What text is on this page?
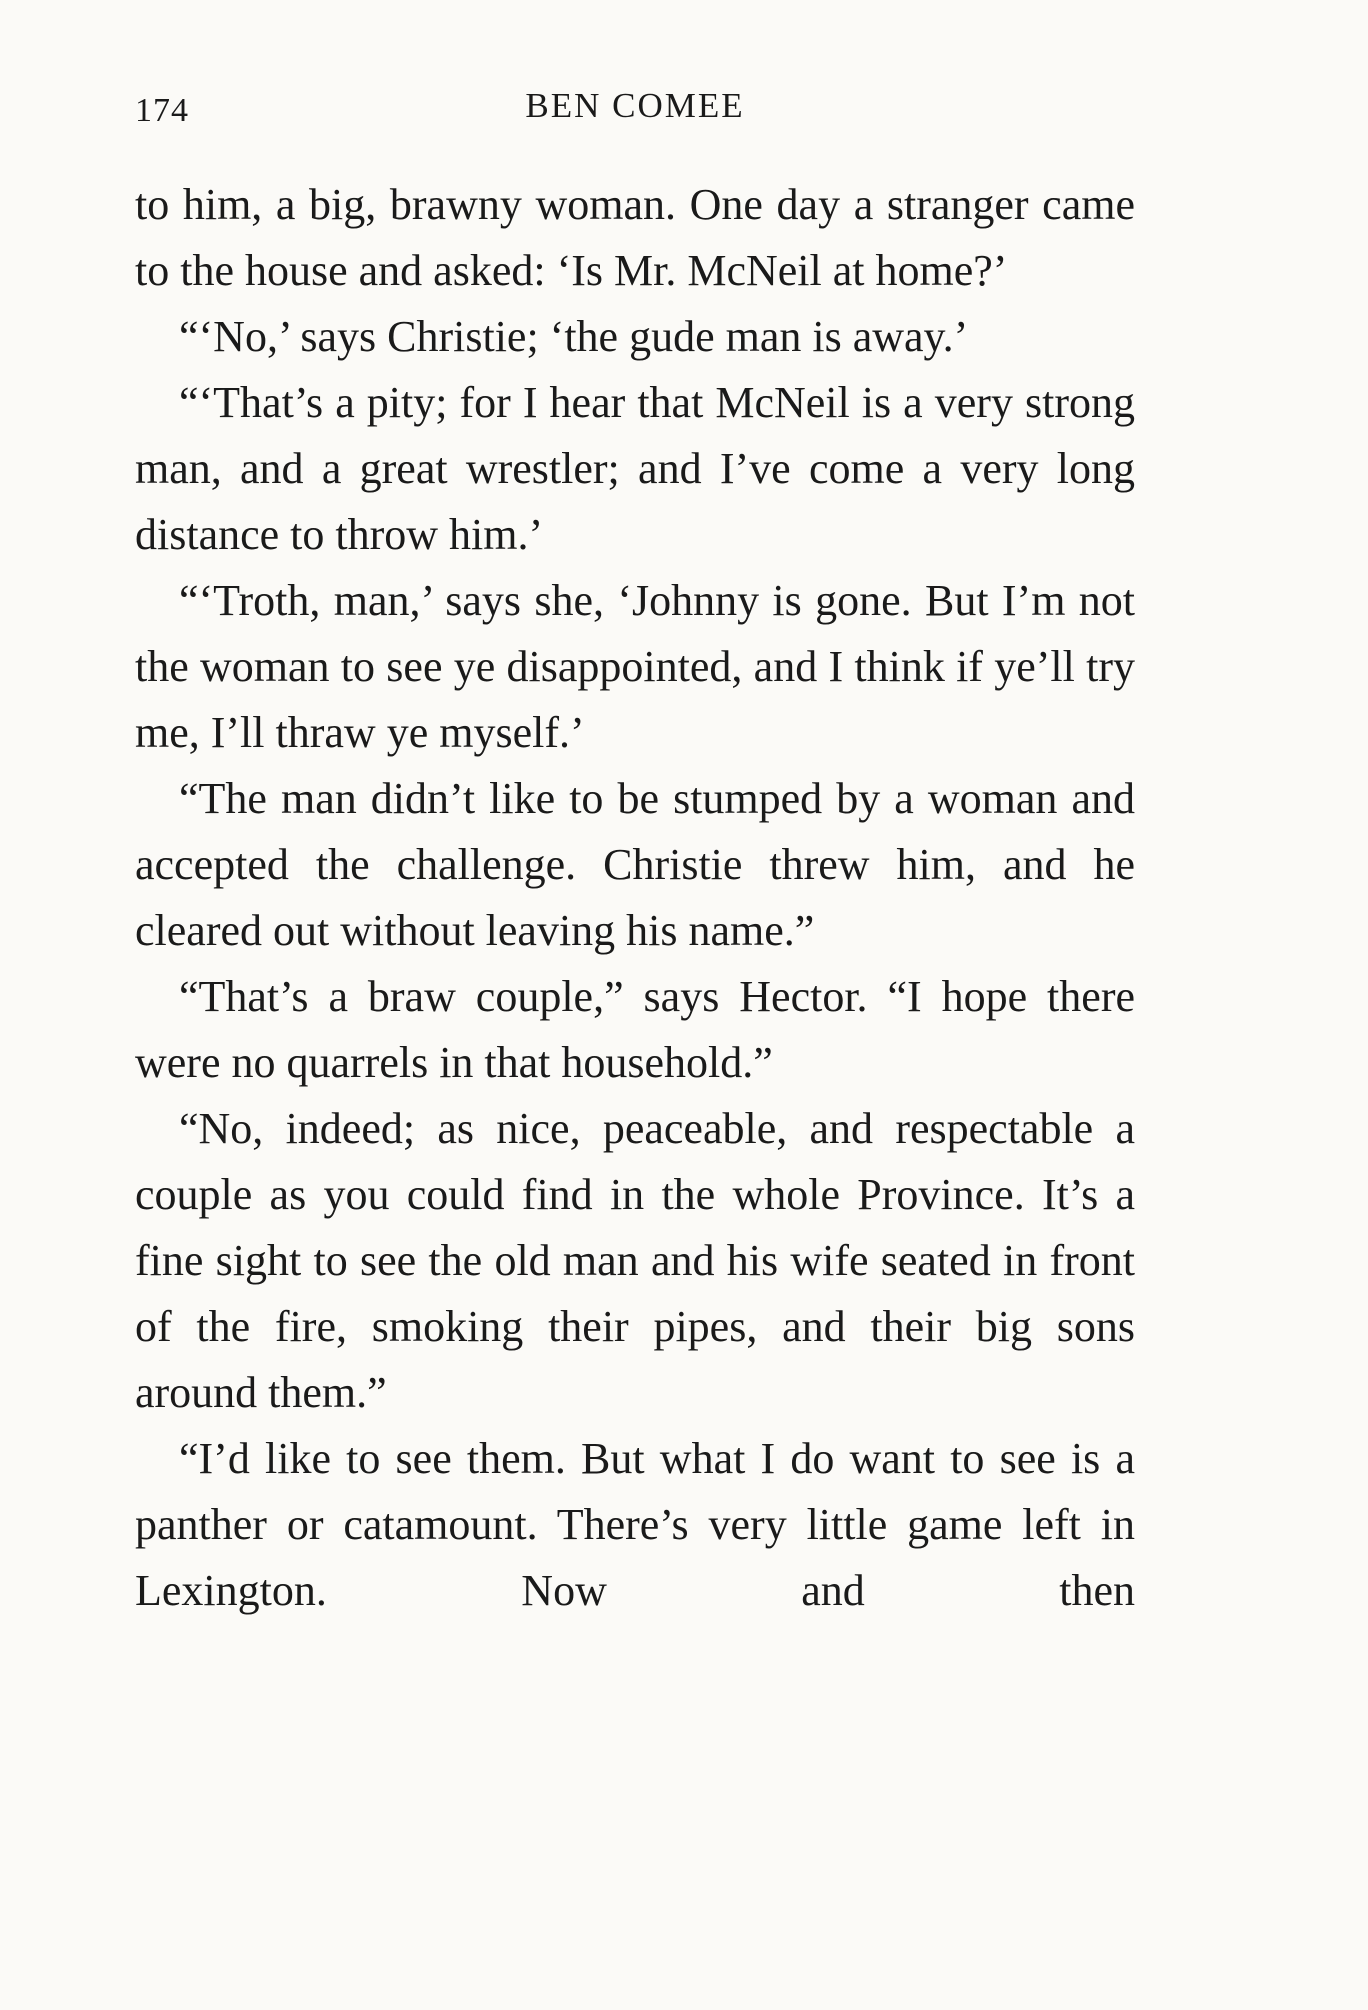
174	BEN COMEE

to him, a big, brawny woman. One day a stranger came to the house and asked: ‘Is Mr. McNeil at home?’

“‘No,’ says Christie; ‘the gude man is away.’

“‘That’s a pity; for I hear that McNeil is a very strong man, and a great wrestler; and I’ve come a very long distance to throw him.’

“‘Troth, man,’ says she, ‘Johnny is gone. But I’m not the woman to see ye disappointed, and I think if ye’ll try me, I’ll thraw ye myself.’

“The man didn’t like to be stumped by a woman and accepted the challenge. Christie threw him, and he cleared out without leaving his name.”

“That’s a braw couple,” says Hector. “I hope there were no quarrels in that household.”

“No, indeed; as nice, peaceable, and respectable a couple as you could find in the whole Province. It’s a fine sight to see the old man and his wife seated in front of the fire, smoking their pipes, and their big sons around them.”

“I’d like to see them. But what I do want to see is a panther or catamount. There’s very little game left in Lexington. Now and then
